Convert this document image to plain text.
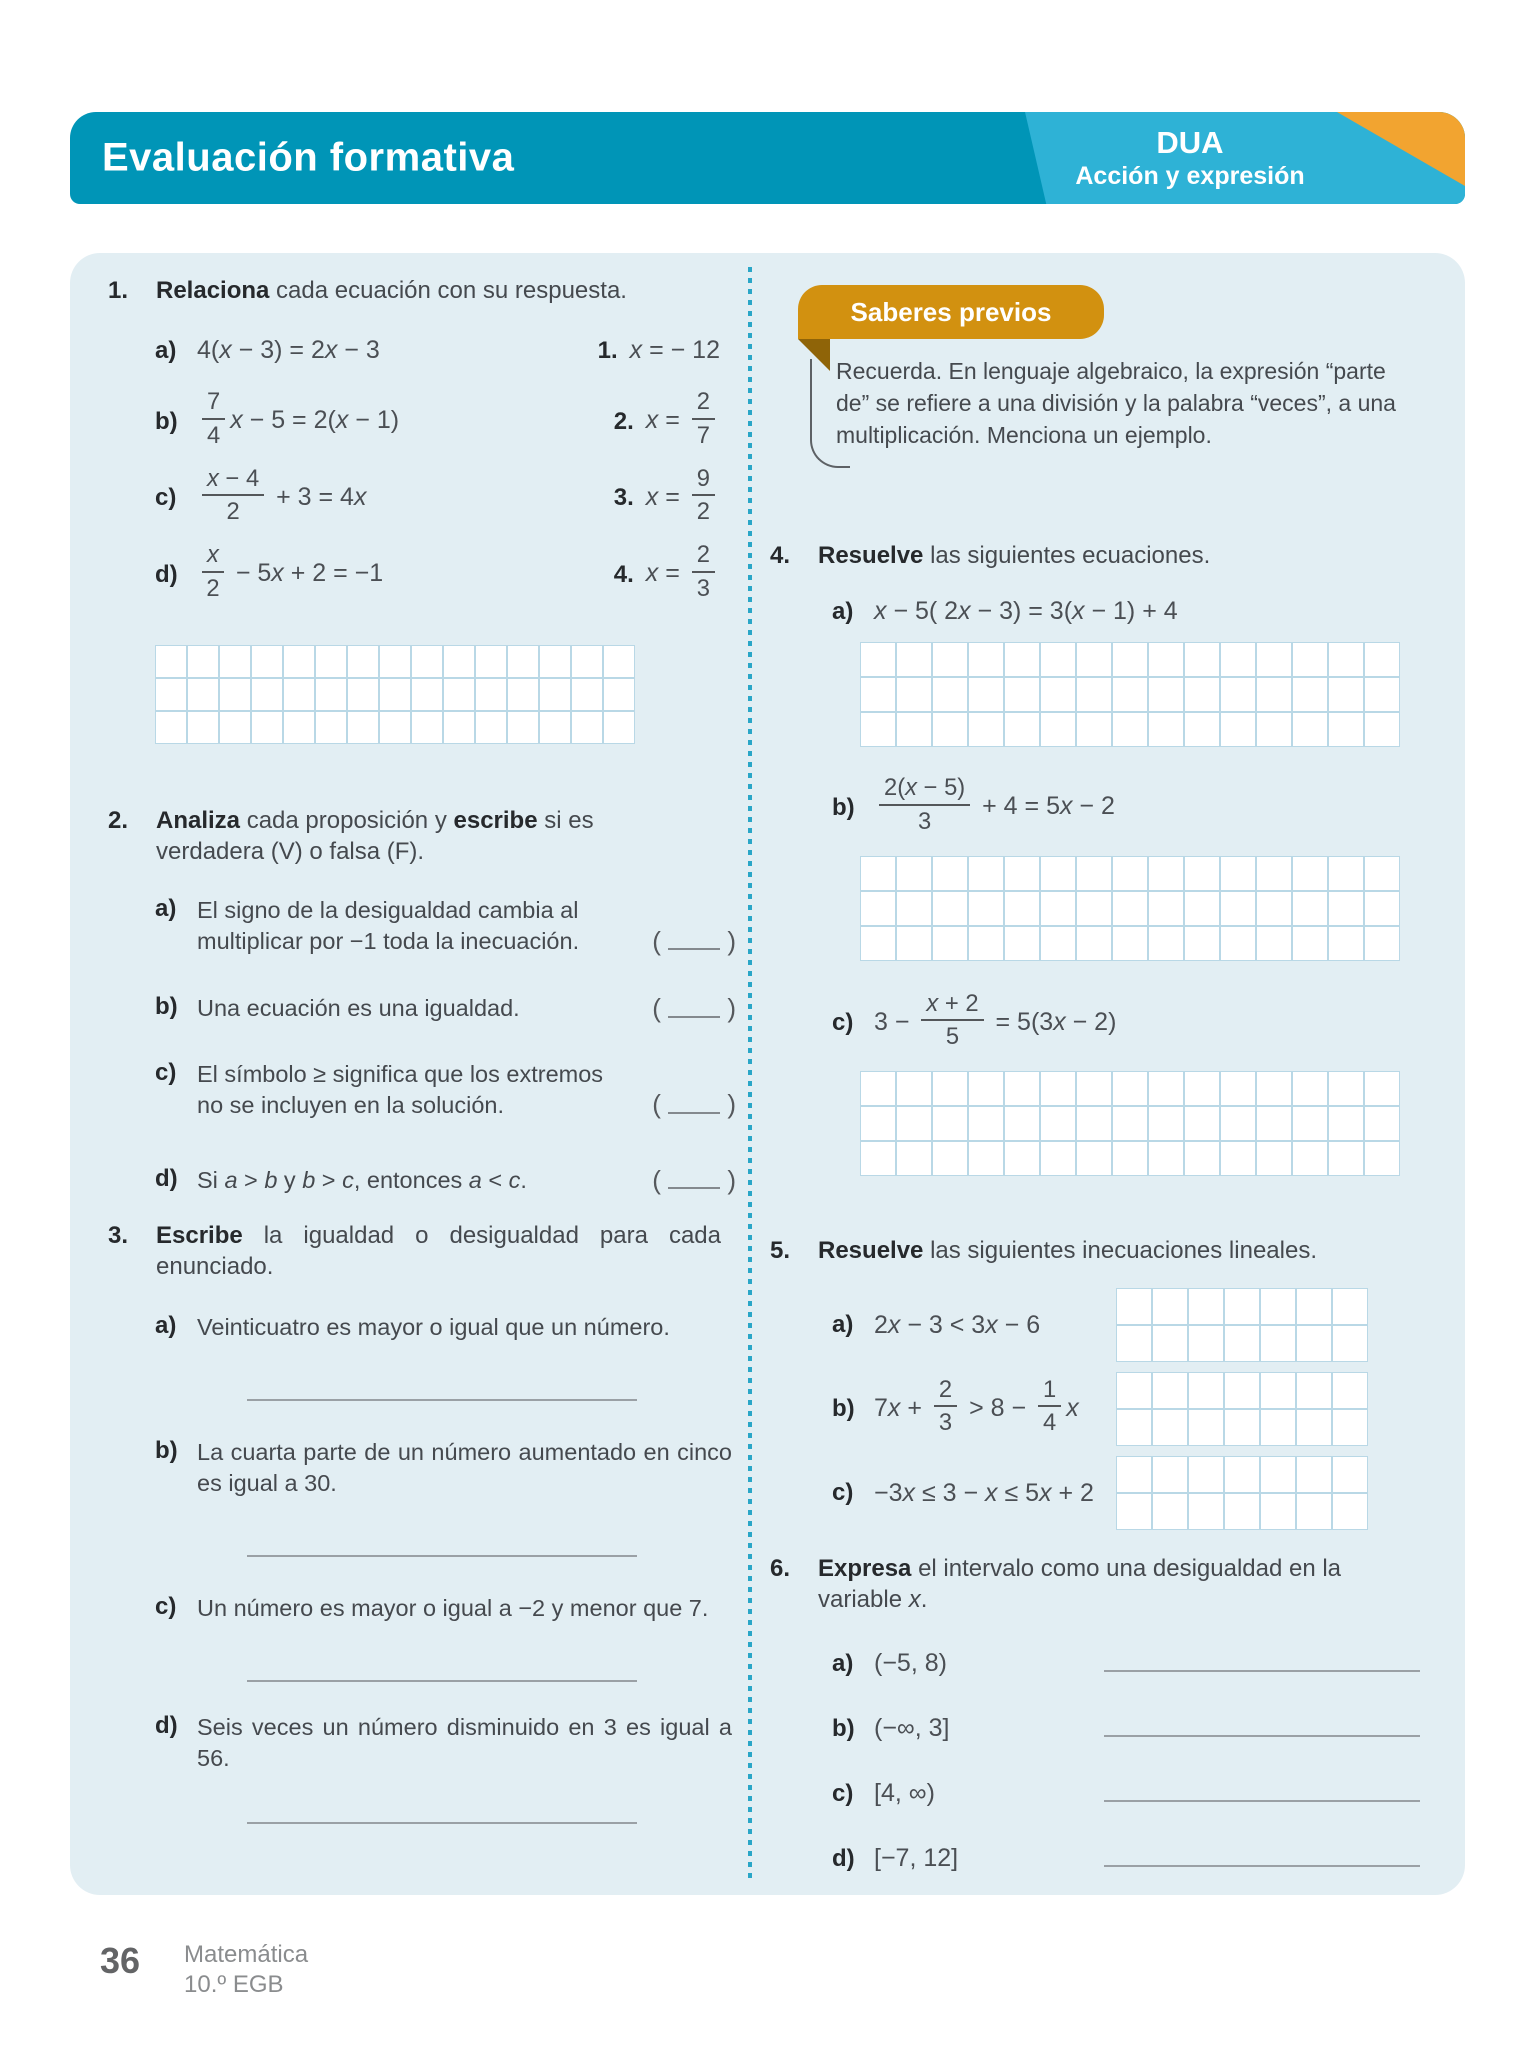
Evaluación formativa	DUA
Acción y expresión
1.	Relaciona cada ecuación con su respuesta.
a) 4(x − 3) = 2x − 3	1. x = − 12
b)	$\frac{7}{4}$ x − 5 = 2(x − 1)	2. $x = \frac{2}{7}$
c)	$\frac{x - 4}{2} + 3 = 4x$	3. $x = \frac{9}{2}$
d)	$\frac{x}{2} - 5x + 2 = -1$	4. $x = \frac{2}{3}$
2.	Analiza cada proposición y escribe si es verdadera (V) o falsa (F).
a) El signo de la desigualdad cambia al multiplicar por −1 toda la inecuación.	(  )
b) Una ecuación es una igualdad.	(  )
c) El símbolo ≥ significa que los extremos no se incluyen en la solución.	(  )
d) Si a > b y b > c, entonces a < c.	(  )
3.	Escribe la igualdad o desigualdad para cada enunciado.
a) Veinticuatro es mayor o igual que un número.
b) La cuarta parte de un número aumentado en cinco es igual a 30.
c) Un número es mayor o igual a −2 y menor que 7.
d) Seis veces un número disminuido en 3 es igual a 56.
Saberes previos
Recuerda. En lenguaje algebraico, la expresión “parte de” se refiere a una división y la palabra “veces”, a una multiplicación. Menciona un ejemplo.
4.	Resuelve las siguientes ecuaciones.
a) x − 5( 2x − 3) = 3(x − 1) + 4
b)	$\frac{2(x - 5)}{3} + 4 = 5x - 2$
c) $3 - \frac{x + 2}{5} = 5(3x - 2)$
5.	Resuelve las siguientes inecuaciones lineales.
a) 2x − 3 < 3x − 6
b) $7x + \frac{2}{3} > 8 - \frac{1}{4}$ x
c) −3x ≤ 3 − x ≤ 5x + 2
6.	Expresa el intervalo como una desigualdad en la variable x.
a) (−5, 8)
b) (−∞, 3]
c) [4, ∞)
d) [−7, 12]
36 Matemática
10.º EGB
